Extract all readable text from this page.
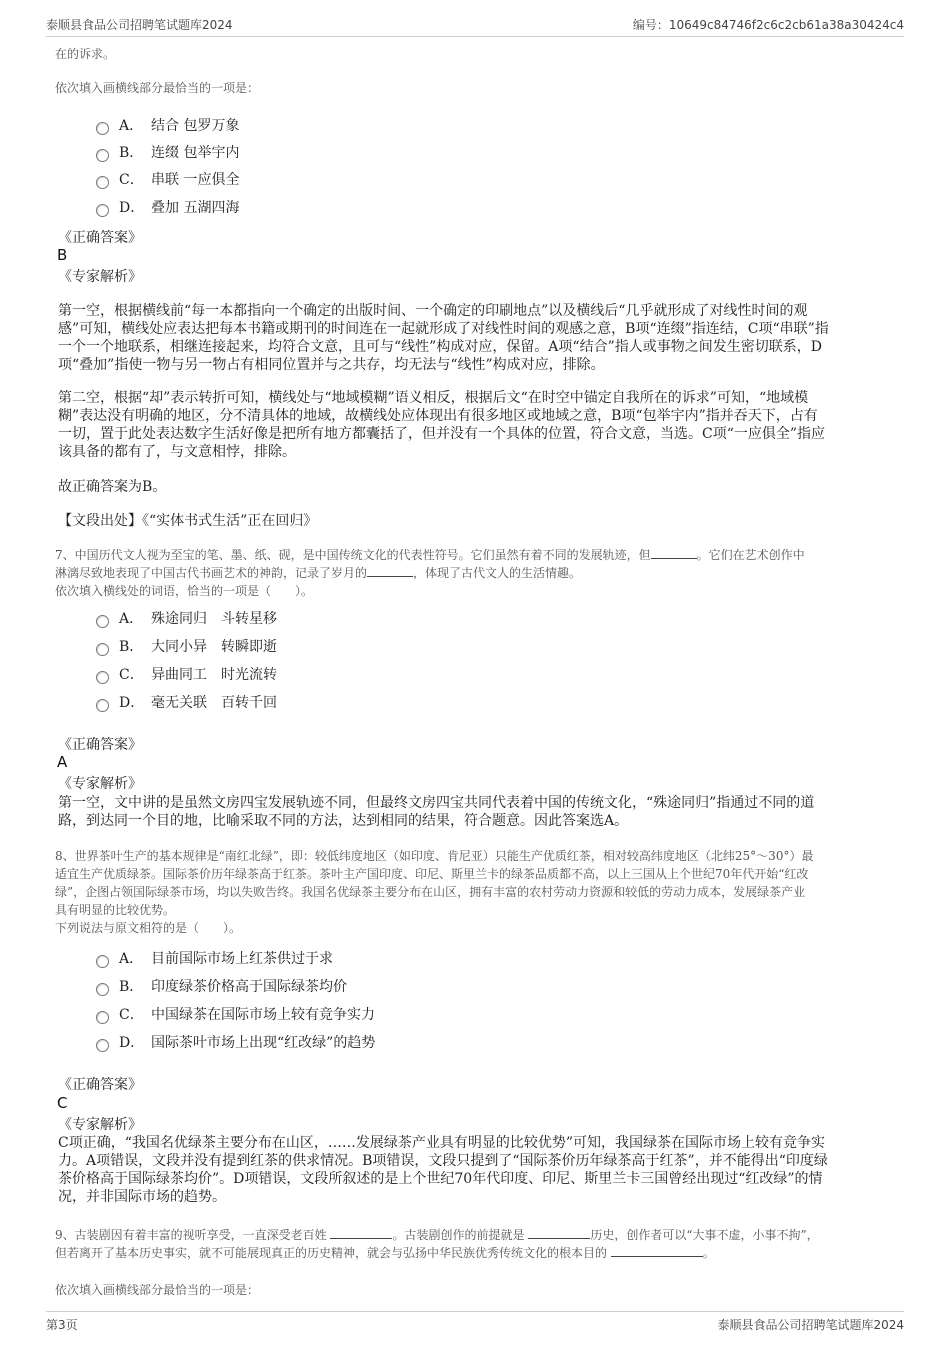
泰顺县食品公司招聘笔试题库2024	编号：10649c84746f2c6c2cb61a38a30424c4
在的诉求。
依次填入画横线部分最恰当的一项是：
A． 结合 包罗万象
B． 连缀 包举宇内
C． 串联 一应俱全
D． 叠加 五湖四海
《正确答案》
B
《专家解析》
第一空，根据横线前“每一本都指向一个确定的出版时间、一个确定的印刷地点”以及横线后“几乎就形成了对线性时间的观
感”可知，横线处应表达把每本书籍或期刊的时间连在一起就形成了对线性时间的观感之意，B项“连缀”指连结，C项“串联”指
一个一个地联系，相继连接起来，均符合文意，且可与“线性”构成对应，保留。A项“结合”指人或事物之间发生密切联系，D
项“叠加”指使一物与另一物占有相同位置并与之共存，均无法与“线性”构成对应，排除。
第二空，根据“却”表示转折可知，横线处与“地域模糊”语义相反，根据后文“在时空中锚定自我所在的诉求”可知，“地域模
糊”表达没有明确的地区，分不清具体的地域，故横线处应体现出有很多地区或地域之意，B项“包举宇内”指并吞天下，占有
一切，置于此处表达数字生活好像是把所有地方都囊括了，但并没有一个具体的位置，符合文意，当选。C项“一应俱全”指应
该具备的都有了，与文意相悖，排除。
故正确答案为B。
【文段出处】《“实体书式生活”正在回归》
7、中国历代文人视为至宝的笔、墨、纸、砚，是中国传统文化的代表性符号。它们虽然有着不同的发展轨迹，但	。它们在艺术创作中
淋漓尽致地表现了中国古代书画艺术的神韵，记录了岁月的	，体现了古代文人的生活情趣。
依次填入横线处的词语，恰当的一项是（　　）。
A． 殊途同归　斗转星移
B． 大同小异　转瞬即逝
C． 异曲同工　时光流转
D． 毫无关联　百转千回
《正确答案》
A
《专家解析》
第一空，文中讲的是虽然文房四宝发展轨迹不同，但最终文房四宝共同代表着中国的传统文化，“殊途同归”指通过不同的道
路，到达同一个目的地，比喻采取不同的方法，达到相同的结果，符合题意。因此答案选A。
8、世界茶叶生产的基本规律是“南红北绿”，即：较低纬度地区（如印度、肯尼亚）只能生产优质红茶，相对较高纬度地区（北纬25°～30°）最
适宜生产优质绿茶。国际茶价历年绿茶高于红茶。茶叶主产国印度、印尼、斯里兰卡的绿茶品质都不高，以上三国从上个世纪70年代开始“红改
绿”，企图占领国际绿茶市场，均以失败告终。我国名优绿茶主要分布在山区，拥有丰富的农村劳动力资源和较低的劳动力成本，发展绿茶产业
具有明显的比较优势。
下列说法与原文相符的是（　　）。
A． 目前国际市场上红茶供过于求
B． 印度绿茶价格高于国际绿茶均价
C． 中国绿茶在国际市场上较有竞争实力
D． 国际茶叶市场上出现“红改绿”的趋势
《正确答案》
C
《专家解析》
C项正确，“我国名优绿茶主要分布在山区，……发展绿茶产业具有明显的比较优势”可知，我国绿茶在国际市场上较有竞争实
力。A项错误，文段并没有提到红茶的供求情况。B项错误，文段只提到了“国际茶价历年绿茶高于红茶”，并不能得出“印度绿
茶价格高于国际绿茶均价”。D项错误，文段所叙述的是上个世纪70年代印度、印尼、斯里兰卡三国曾经出现过“红改绿”的情
况，并非国际市场的趋势。
9、古装剧因有着丰富的视听享受，一直深受老百姓	。古装剧创作的前提就是	历史，创作者可以“大事不虚，小事不拘”，
但若离开了基本历史事实，就不可能展现真正的历史精神，就会与弘扬中华民族优秀传统文化的根本目的	。
依次填入画横线部分最恰当的一项是：
第3页	泰顺县食品公司招聘笔试题库2024
